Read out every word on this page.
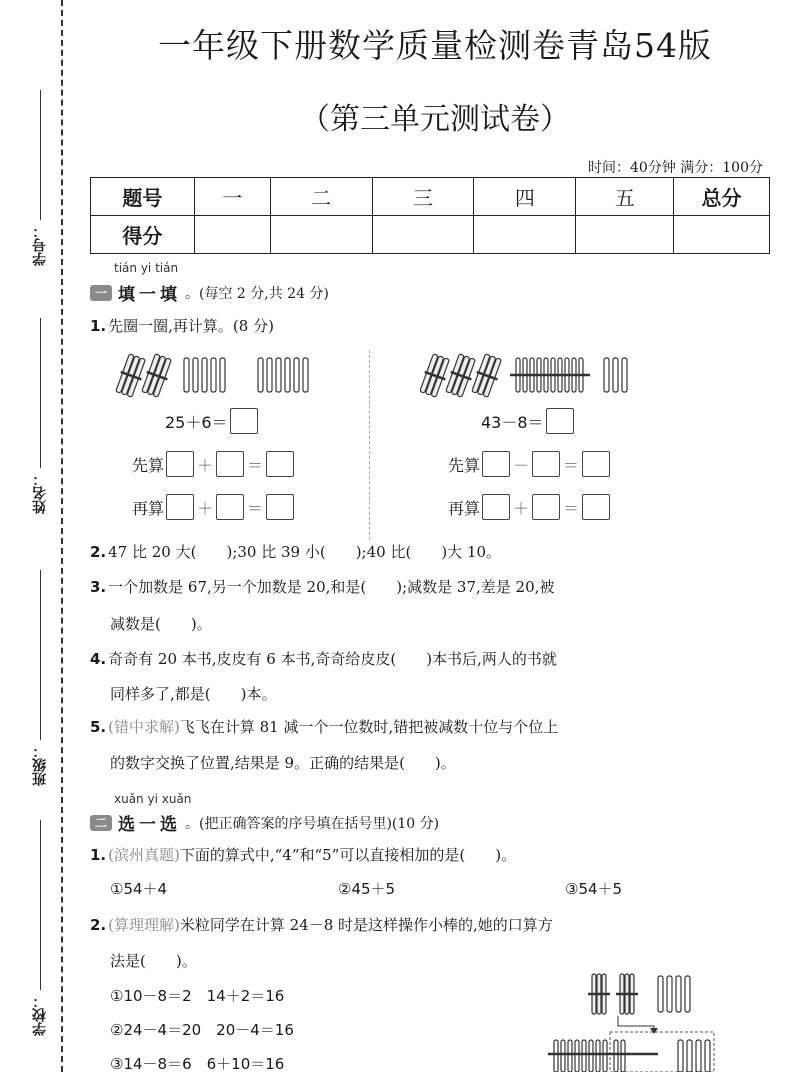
学号：
姓名：
班级：
学校：
一年级下册数学质量检测卷青岛54版
（第三单元测试卷）
时间：40分钟 满分：100分
题号	一	二	三	四	五	总分
得分						
tián yi tián
一 填一填 。(每空 2 分,共 24 分)
1. 先圈一圈,再计算。(8 分)
25＋6＝
先算 ＋ ＝
再算 ＋ ＝
43－8＝
先算 － ＝
再算 ＋ ＝
2. 47 比 20 大(　　);30 比 39 小(　　);40 比(　　)大 10。
3. 一个加数是 67,另一个加数是 20,和是(　　);减数是 37,差是 20,被
减数是(　　)。
4. 奇奇有 20 本书,皮皮有 6 本书,奇奇给皮皮(　　)本书后,两人的书就
同样多了,都是(　　)本。
5. (错中求解)飞飞在计算 81 减一个一位数时,错把被减数十位与个位上
的数字交换了位置,结果是 9。正确的结果是(　　)。
xuǎn yi xuǎn
二 选一选 。(把正确答案的序号填在括号里)(10 分)
1. (滨州真题)下面的算式中,“4”和“5”可以直接相加的是(　　)。
①54＋4	②45＋5	③54＋5
2. (算理理解)米粒同学在计算 24－8 时是这样操作小棒的,她的口算方
法是(　　)。
①10－8＝2　14＋2＝16
②24－4＝20　20－4＝16
③14－8＝6　6＋10＝16
